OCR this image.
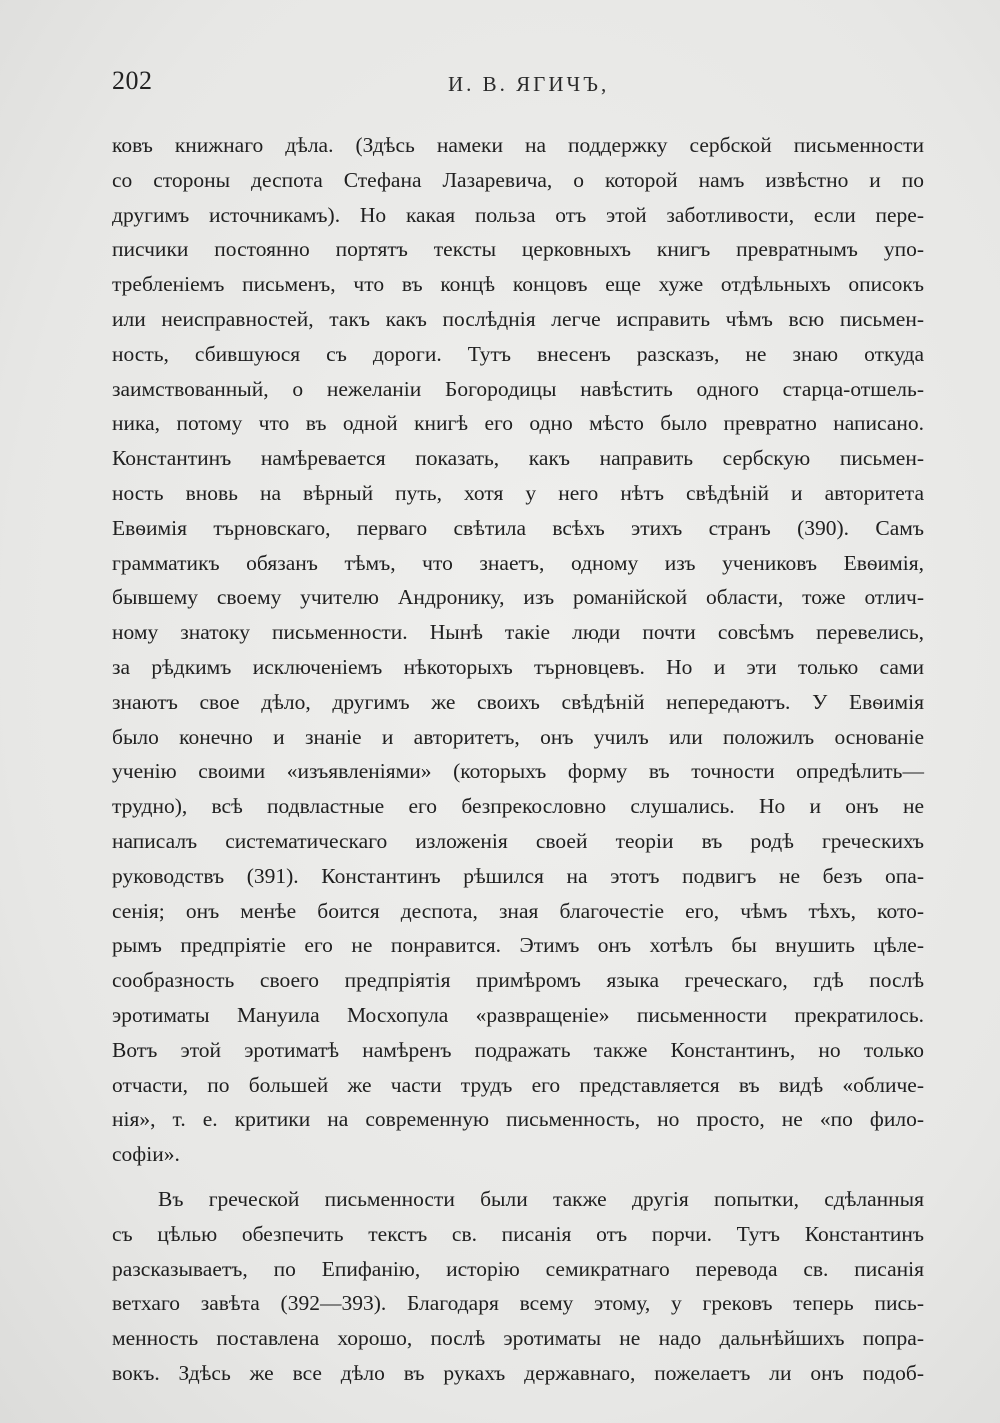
202	И. В. ЯГИЧЪ,
ковъ книжнаго дѣла. (Здѣсь намеки на поддержку сербской письменности
со стороны деспота Стефана Лазаревича, о которой намъ извѣстно и по
другимъ источникамъ). Но какая польза отъ этой заботливости, если пере-
писчики постоянно портятъ тексты церковныхъ книгъ превратнымъ упо-
требленіемъ письменъ, что въ концѣ концовъ еще хуже отдѣльныхъ описокъ
или неисправностей, такъ какъ послѣднія легче исправить чѣмъ всю письмен-
ность, сбившуюся съ дороги. Тутъ внесенъ разсказъ, не знаю откуда
заимствованный, о нежеланіи Богородицы навѣстить одного старца-отшель-
ника, потому что въ одной книгѣ его одно мѣсто было превратно написано.
Константинъ намѣревается показать, какъ направить сербскую письмен-
ность вновь на вѣрный путь, хотя у него нѣтъ свѣдѣній и авторитета
Евѳимія търновскаго, перваго свѣтила всѣхъ этихъ странъ (390). Самъ
грамматикъ обязанъ тѣмъ, что знаетъ, одному изъ учениковъ Евѳимія,
бывшему своему учителю Андронику, изъ романійской области, тоже отлич-
ному знатоку письменности. Нынѣ такіе люди почти совсѣмъ перевелись,
за рѣдкимъ исключеніемъ нѣкоторыхъ търновцевъ. Но и эти только сами
знаютъ свое дѣло, другимъ же своихъ свѣдѣній непередаютъ. У Евѳимія
было конечно и знаніе и авторитетъ, онъ училъ или положилъ основаніе
ученію своими «изъявленіями» (которыхъ форму въ точности опредѣлить—
трудно), всѣ подвластные его безпрекословно слушались. Но и онъ не
написалъ систематическаго изложенія своей теоріи въ родѣ греческихъ
руководствъ (391). Константинъ рѣшился на этотъ подвигъ не безъ опа-
сенія; онъ менѣе боится деспота, зная благочестіе его, чѣмъ тѣхъ, кото-
рымъ предпріятіе его не понравится. Этимъ онъ хотѣлъ бы внушить цѣле-
сообразность своего предпріятія примѣромъ языка греческаго, гдѣ послѣ
эротиматы Мануила Мосхопула «развращеніе» письменности прекратилось.
Вотъ этой эротиматѣ намѣренъ подражать также Константинъ, но только
отчасти, по большей же части трудъ его представляется въ видѣ «обличе-
нія», т. е. критики на современную письменность, но просто, не «по фило-
софіи».
Въ греческой письменности были также другія попытки, сдѣланныя
съ цѣлью обезпечить текстъ св. писанія отъ порчи. Тутъ Константинъ
разсказываетъ, по Епифанію, исторію семикратнаго перевода св. писанія
ветхаго завѣта (392—393). Благодаря всему этому, у грековъ теперь пись-
менность поставлена хорошо, послѣ эротиматы не надо дальнѣйшихъ попра-
вокъ. Здѣсь же все дѣло въ рукахъ державнаго, пожелаетъ ли онъ подоб-
